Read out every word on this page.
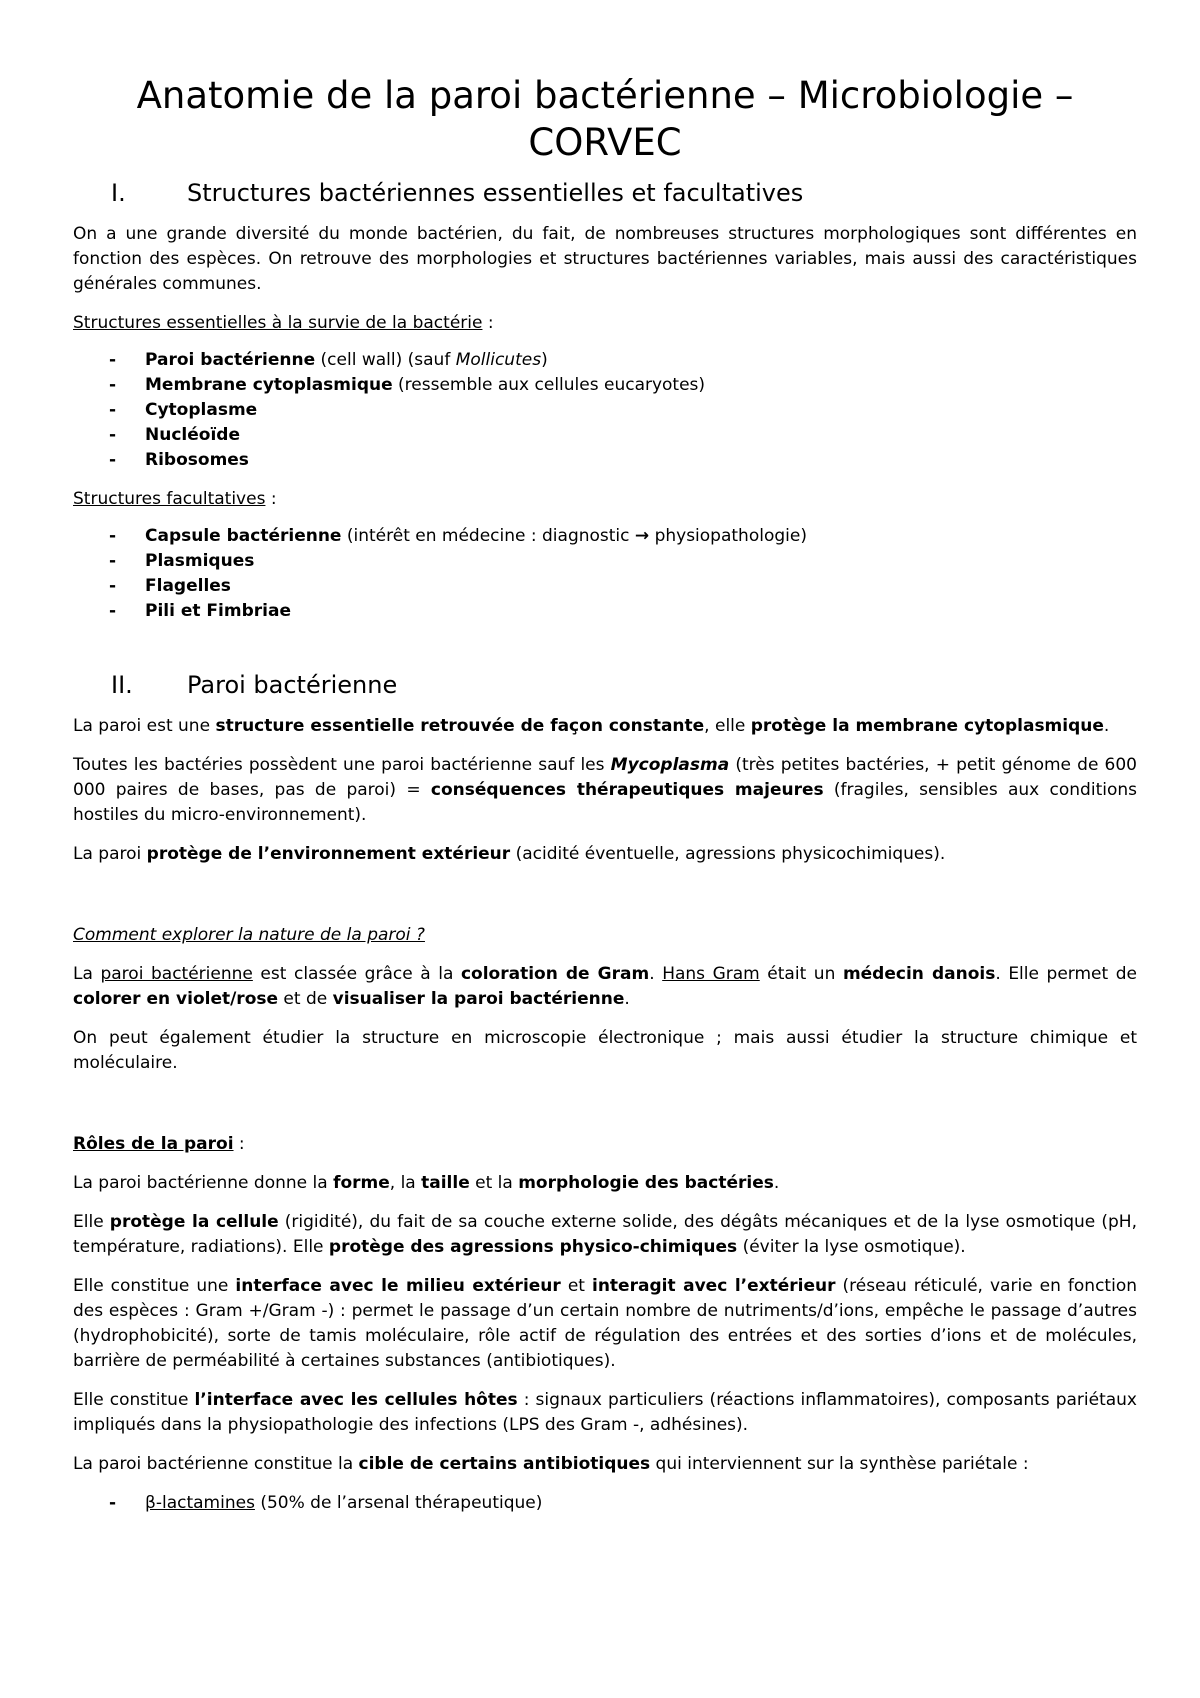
Anatomie de la paroi bactérienne – Microbiologie – CORVEC
I.	Structures bactériennes essentielles et facultatives

On a une grande diversité du monde bactérien, du fait, de nombreuses structures morphologiques sont différentes en fonction des espèces. On retrouve des morphologies et structures bactériennes variables, mais aussi des caractéristiques générales communes.

Structures essentielles à la survie de la bactérie :

-	Paroi bactérienne (cell wall) (sauf Mollicutes)
-	Membrane cytoplasmique (ressemble aux cellules eucaryotes)
-	Cytoplasme
-	Nucléoïde
-	Ribosomes

Structures facultatives :

-	Capsule bactérienne (intérêt en médecine : diagnostic → physiopathologie)
-	Plasmiques
-	Flagelles
-	Pili et Fimbriae
II.	Paroi bactérienne

La paroi est une structure essentielle retrouvée de façon constante, elle protège la membrane cytoplasmique.

Toutes les bactéries possèdent une paroi bactérienne sauf les Mycoplasma (très petites bactéries, + petit génome de 600 000 paires de bases, pas de paroi) = conséquences thérapeutiques majeures (fragiles, sensibles aux conditions hostiles du micro-environnement).

La paroi protège de l’environnement extérieur (acidité éventuelle, agressions physicochimiques).

Comment explorer la nature de la paroi ?

La paroi bactérienne est classée grâce à la coloration de Gram. Hans Gram était un médecin danois. Elle permet de colorer en violet/rose et de visualiser la paroi bactérienne.

On peut également étudier la structure en microscopie électronique ; mais aussi étudier la structure chimique et moléculaire.

Rôles de la paroi :

La paroi bactérienne donne la forme, la taille et la morphologie des bactéries.

Elle protège la cellule (rigidité), du fait de sa couche externe solide, des dégâts mécaniques et de la lyse osmotique (pH, température, radiations). Elle protège des agressions physico-chimiques (éviter la lyse osmotique).

Elle constitue une interface avec le milieu extérieur et interagit avec l’extérieur (réseau réticulé, varie en fonction des espèces : Gram +/Gram -) : permet le passage d’un certain nombre de nutriments/d’ions, empêche le passage d’autres (hydrophobicité), sorte de tamis moléculaire, rôle actif de régulation des entrées et des sorties d’ions et de molécules, barrière de perméabilité à certaines substances (antibiotiques).

Elle constitue l’interface avec les cellules hôtes : signaux particuliers (réactions inflammatoires), composants pariétaux impliqués dans la physiopathologie des infections (LPS des Gram -, adhésines).

La paroi bactérienne constitue la cible de certains antibiotiques qui interviennent sur la synthèse pariétale :

-	β-lactamines (50% de l’arsenal thérapeutique)
